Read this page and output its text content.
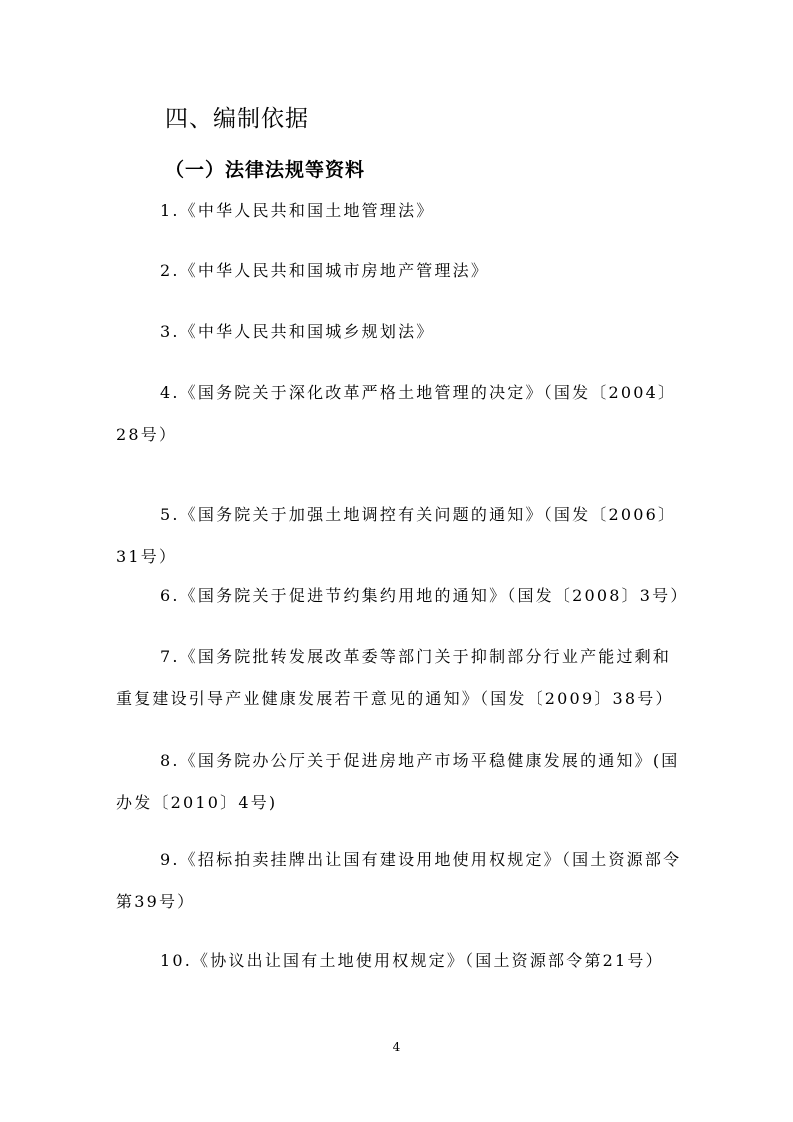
四、编制依据
（一）法律法规等资料
1.《中华人民共和国土地管理法》
2.《中华人民共和国城市房地产管理法》
3.《中华人民共和国城乡规划法》
4.《国务院关于深化改革严格土地管理的决定》（国发〔2004〕28号）
5.《国务院关于加强土地调控有关问题的通知》（国发〔2006〕31号）
6.《国务院关于促进节约集约用地的通知》（国发〔2008〕3号）
7.《国务院批转发展改革委等部门关于抑制部分行业产能过剩和重复建设引导产业健康发展若干意见的通知》（国发〔2009〕38号）
8.《国务院办公厅关于促进房地产市场平稳健康发展的通知》(国办发〔2010〕4号)
9.《招标拍卖挂牌出让国有建设用地使用权规定》（国土资源部令第39号）
10.《协议出让国有土地使用权规定》（国土资源部令第21号）
4
